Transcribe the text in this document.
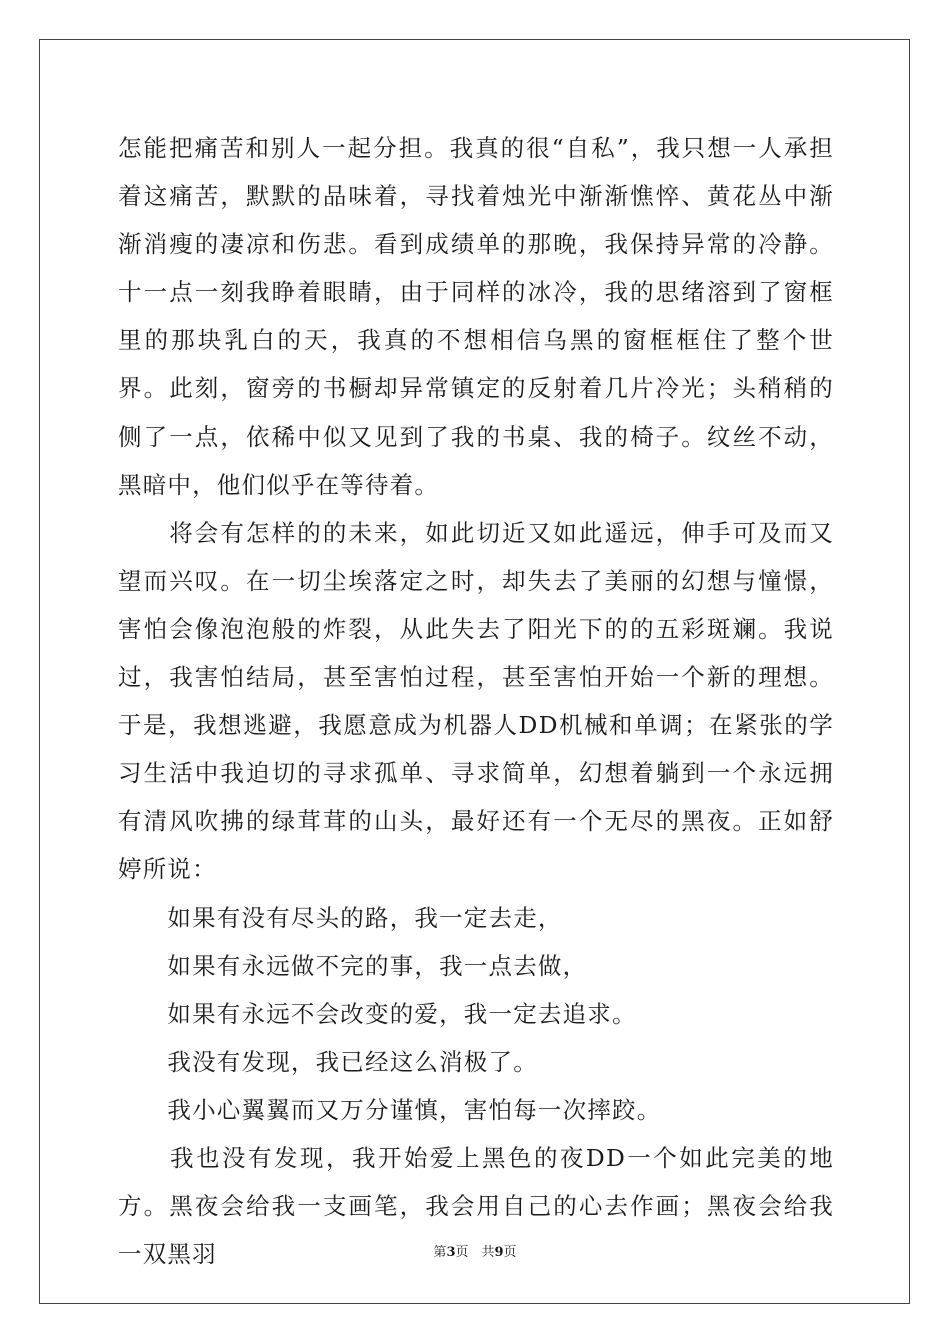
怎能把痛苦和别人一起分担。我真的很“自私”，我只想一人承担着这痛苦，默默的品味着，寻找着烛光中渐渐憔悴、黄花丛中渐渐消瘦的凄凉和伤悲。看到成绩单的那晚，我保持异常的冷静。十一点一刻我睁着眼睛，由于同样的冰冷，我的思绪溶到了窗框里的那块乳白的天，我真的不想相信乌黑的窗框框住了整个世界。此刻，窗旁的书橱却异常镇定的反射着几片冷光；头稍稍的侧了一点，依稀中似又见到了我的书桌、我的椅子。纹丝不动，黑暗中，他们似乎在等待着。

　　将会有怎样的的未来，如此切近又如此遥远，伸手可及而又望而兴叹。在一切尘埃落定之时，却失去了美丽的幻想与憧憬，害怕会像泡泡般的炸裂，从此失去了阳光下的的五彩斑斓。我说过，我害怕结局，甚至害怕过程，甚至害怕开始一个新的理想。于是，我想逃避，我愿意成为机器人DD机械和单调；在紧张的学习生活中我迫切的寻求孤单、寻求简单，幻想着躺到一个永远拥有清风吹拂的绿茸茸的山头，最好还有一个无尽的黑夜。正如舒婷所说：

　　如果有没有尽头的路，我一定去走，

　　如果有永远做不完的事，我一点去做，

　　如果有永远不会改变的爱，我一定去追求。

　　我没有发现，我已经这么消极了。

　　我小心翼翼而又万分谨慎，害怕每一次摔跤。

　　我也没有发现，我开始爱上黑色的夜DD一个如此完美的地方。黑夜会给我一支画笔，我会用自己的心去作画；黑夜会给我一双黑羽	第3页　共9页
